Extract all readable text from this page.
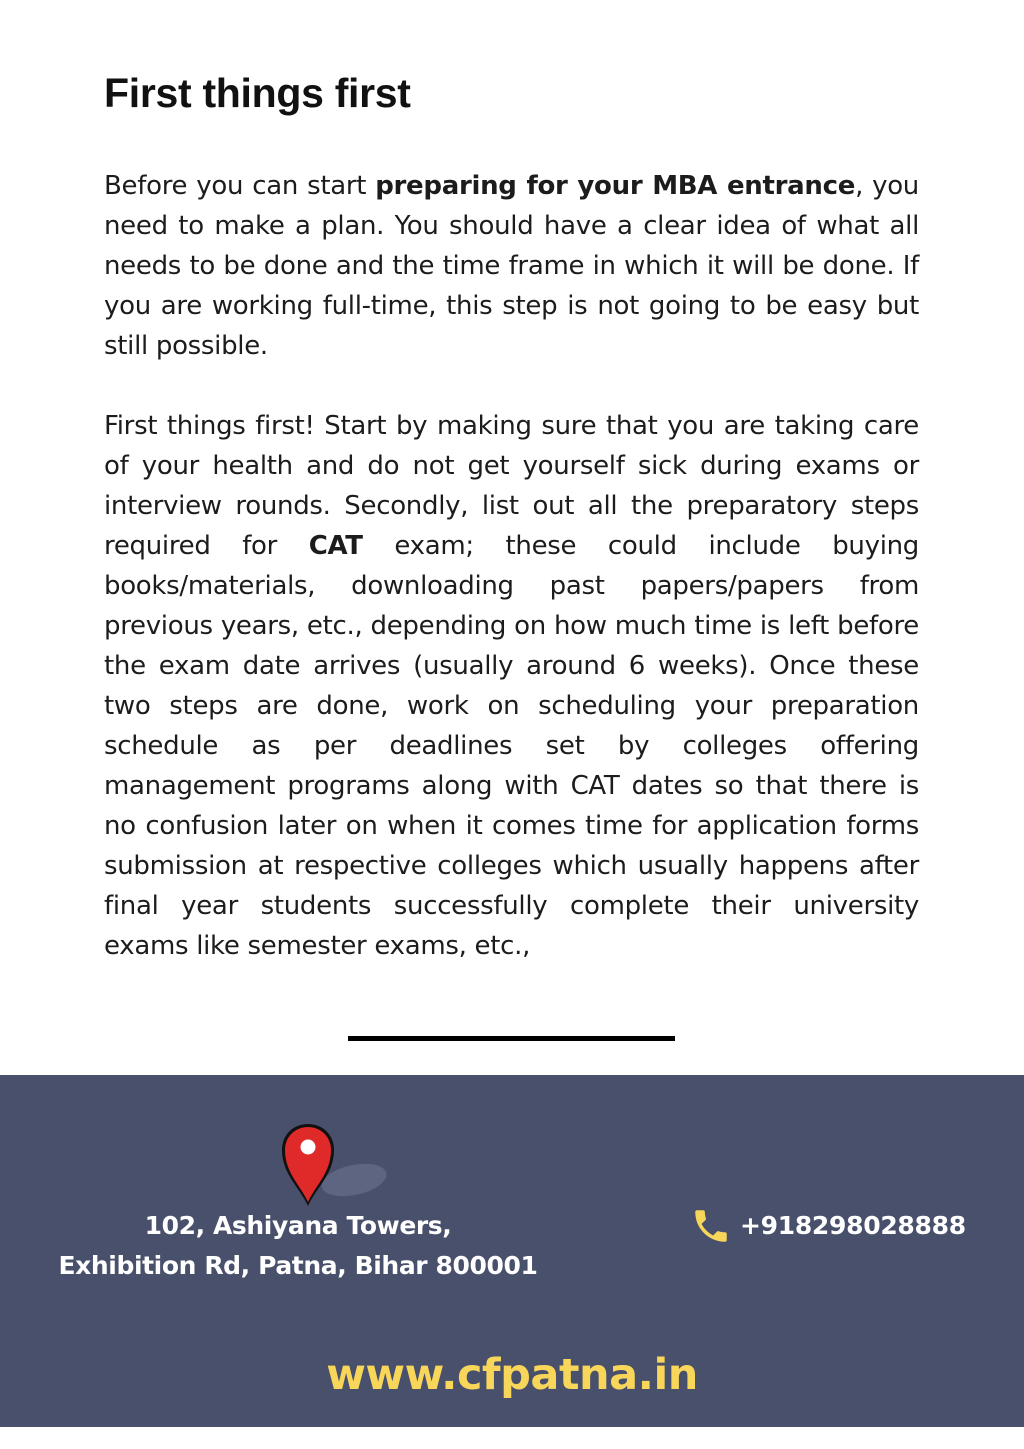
First things first

Before you can start preparing for your MBA entrance, you need to make a plan. You should have a clear idea of what all needs to be done and the time frame in which it will be done. If you are working full-time, this step is not going to be easy but still possible.

First things first! Start by making sure that you are taking care of your health and do not get yourself sick during exams or interview rounds. Secondly, list out all the preparatory steps required for CAT exam; these could include buying books/materials, downloading past papers/papers from previous years, etc., depending on how much time is left before the exam date arrives (usually around 6 weeks). Once these two steps are done, work on scheduling your preparation schedule as per deadlines set by colleges offering management programs along with CAT dates so that there is no confusion later on when it comes time for application forms submission at respective colleges which usually happens after final year students successfully complete their university exams like semester exams, etc.,

102, Ashiyana Towers,
Exhibition Rd, Patna, Bihar 800001
+918298028888
www.cfpatna.in
